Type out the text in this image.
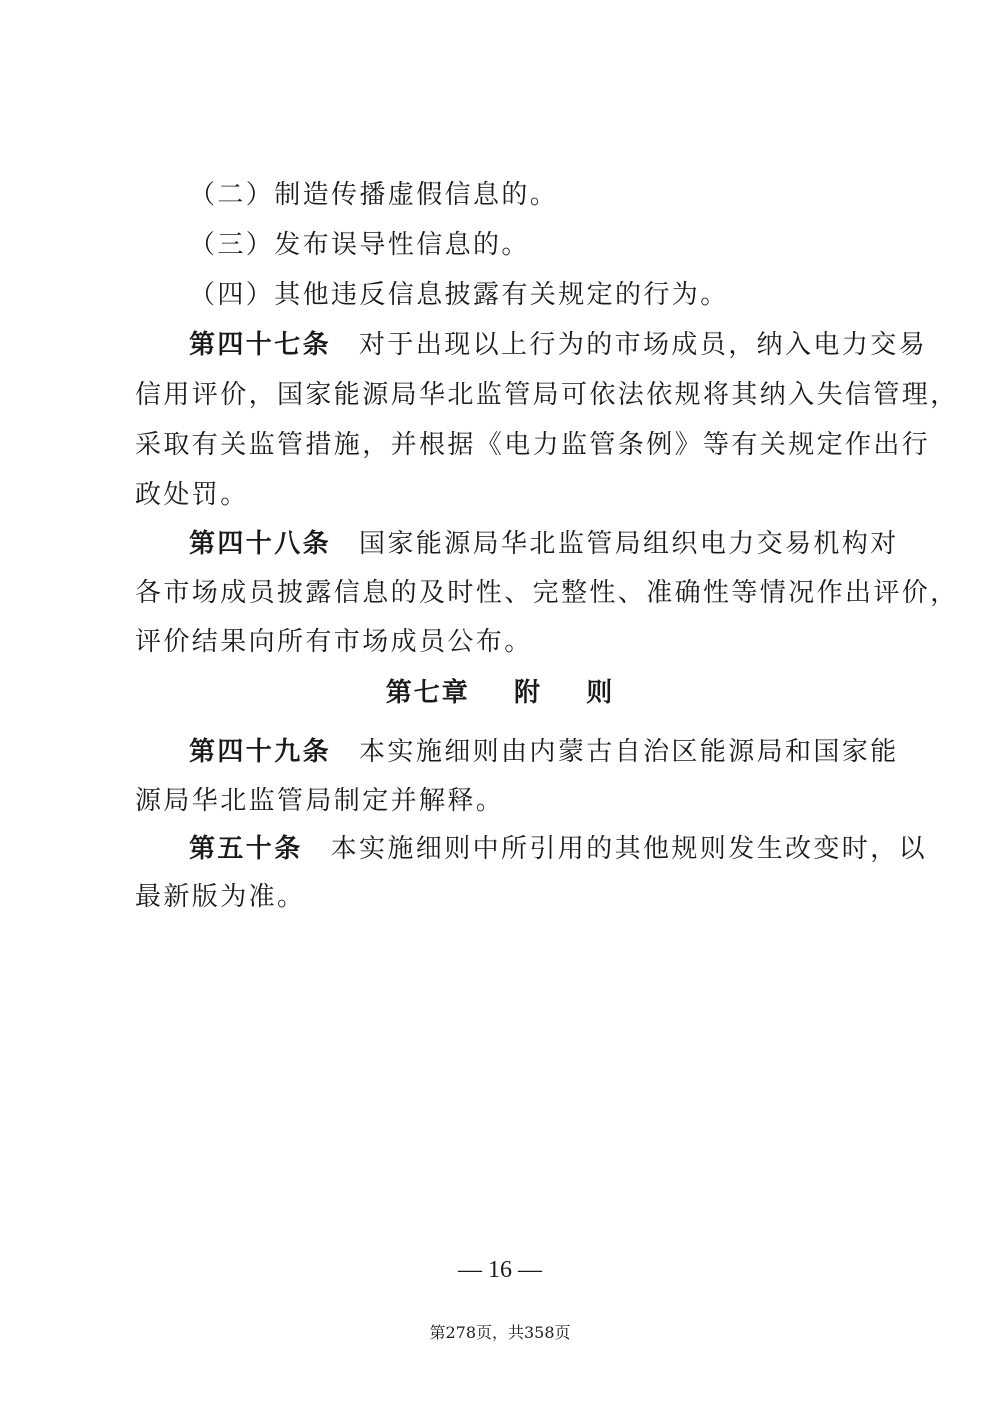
（二）制造传播虚假信息的。
（三）发布误导性信息的。
（四）其他违反信息披露有关规定的行为。
第四十七条 对于出现以上行为的市场成员，纳入电力交易
信用评价，国家能源局华北监管局可依法依规将其纳入失信管理，
采取有关监管措施，并根据《电力监管条例》等有关规定作出行
政处罚。
第四十八条 国家能源局华北监管局组织电力交易机构对
各市场成员披露信息的及时性、完整性、准确性等情况作出评价，
评价结果向所有市场成员公布。
第七章    附    则
第四十九条 本实施细则由内蒙古自治区能源局和国家能
源局华北监管局制定并解释。
第五十条 本实施细则中所引用的其他规则发生改变时，以
最新版为准。
— 16 —
第278页，共358页
